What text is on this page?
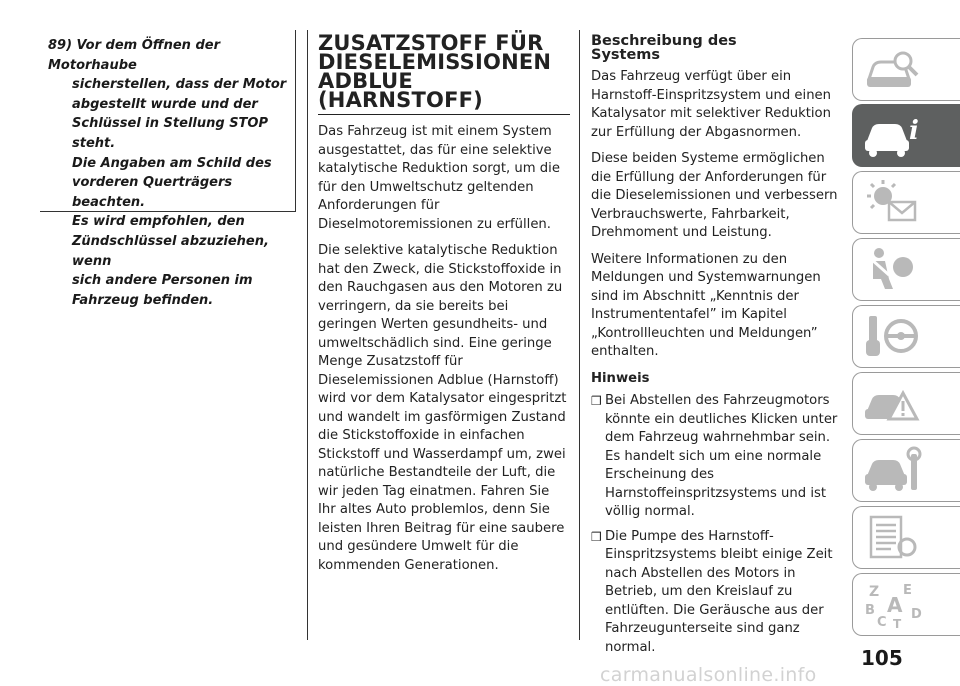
89) Vor dem Öffnen der Motorhaube
sicherstellen, dass der Motor
abgestellt wurde und der
Schlüssel in Stellung STOP steht.
Die Angaben am Schild des
vorderen Querträgers beachten.
Es wird empfohlen, den
Zündschlüssel abzuziehen, wenn
sich andere Personen im
Fahrzeug befinden.
ZUSATZSTOFF FÜR
DIESELEMISSIONEN
ADBLUE
(HARNSTOFF)

Das Fahrzeug ist mit einem System ausgestattet, das für eine selektive katalytische Reduktion sorgt, um die für den Umweltschutz geltenden Anforderungen für Dieselmotoremissionen zu erfüllen.

Die selektive katalytische Reduktion hat den Zweck, die Stickstoffoxide in den Rauchgasen aus den Motoren zu verringern, da sie bereits bei geringen Werten gesundheits- und umweltschädlich sind. Eine geringe Menge Zusatzstoff für Dieselemissionen Adblue (Harnstoff) wird vor dem Katalysator eingespritzt und wandelt im gasförmigen Zustand die Stickstoffoxide in einfachen Stickstoff und Wasserdampf um, zwei natürliche Bestandteile der Luft, die wir jeden Tag einatmen. Fahren Sie Ihr altes Auto problemlos, denn Sie leisten Ihren Beitrag für eine saubere und gesündere Umwelt für die kommenden Generationen.

Beschreibung des
Systems

Das Fahrzeug verfügt über ein Harnstoff-Einspritzsystem und einen Katalysator mit selektiver Reduktion zur Erfüllung der Abgasnormen.

Diese beiden Systeme ermöglichen die Erfüllung der Anforderungen für die Dieselemissionen und verbessern Verbrauchswerte, Fahrbarkeit, Drehmoment und Leistung.

Weitere Informationen zu den Meldungen und Systemwarnungen sind im Abschnitt „Kenntnis der Instrumententafel” im Kapitel „Kontrollleuchten und Meldungen” enthalten.

Hinweis
❒ Bei Abstellen des Fahrzeugmotors könnte ein deutliches Klicken unter dem Fahrzeug wahrnehmbar sein. Es handelt sich um eine normale Erscheinung des Harnstoffeinspritzsystems und ist völlig normal.
❒ Die Pumpe des Harnstoff-Einspritzsystems bleibt einige Zeit nach Abstellen des Motors in Betrieb, um den Kreislauf zu entlüften. Die Geräusche aus der Fahrzeugunterseite sind ganz normal.
i
Z E
B A D
C T
105
carmanualsonline.info
